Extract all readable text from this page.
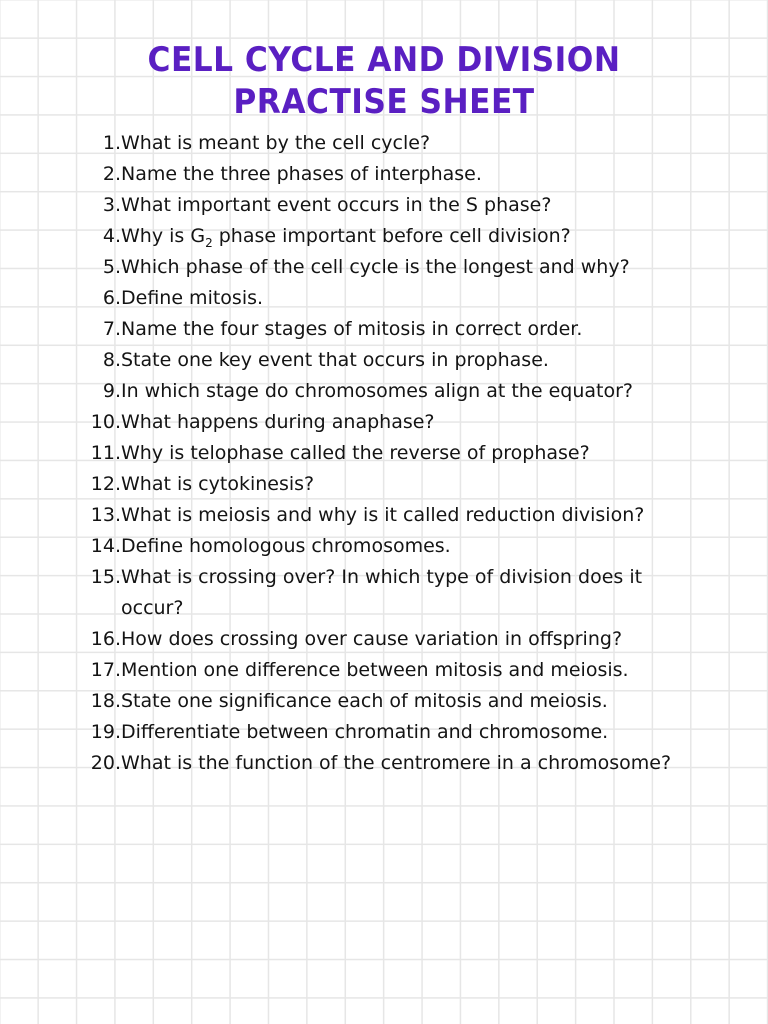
CELL CYCLE AND DIVISION
PRACTISE SHEET
1. What is meant by the cell cycle?
2. Name the three phases of interphase.
3. What important event occurs in the S phase?
4. Why is $G_2$ phase important before cell division?
5. Which phase of the cell cycle is the longest and why?
6. Define mitosis.
7. Name the four stages of mitosis in correct order.
8. State one key event that occurs in prophase.
9. In which stage do chromosomes align at the equator?
10. What happens during anaphase?
11. Why is telophase called the reverse of prophase?
12. What is cytokinesis?
13. What is meiosis and why is it called reduction division?
14. Define homologous chromosomes.
15. What is crossing over? In which type of division does it occur?
16. How does crossing over cause variation in offspring?
17. Mention one difference between mitosis and meiosis.
18. State one significance each of mitosis and meiosis.
19. Differentiate between chromatin and chromosome.
20. What is the function of the centromere in a chromosome?
